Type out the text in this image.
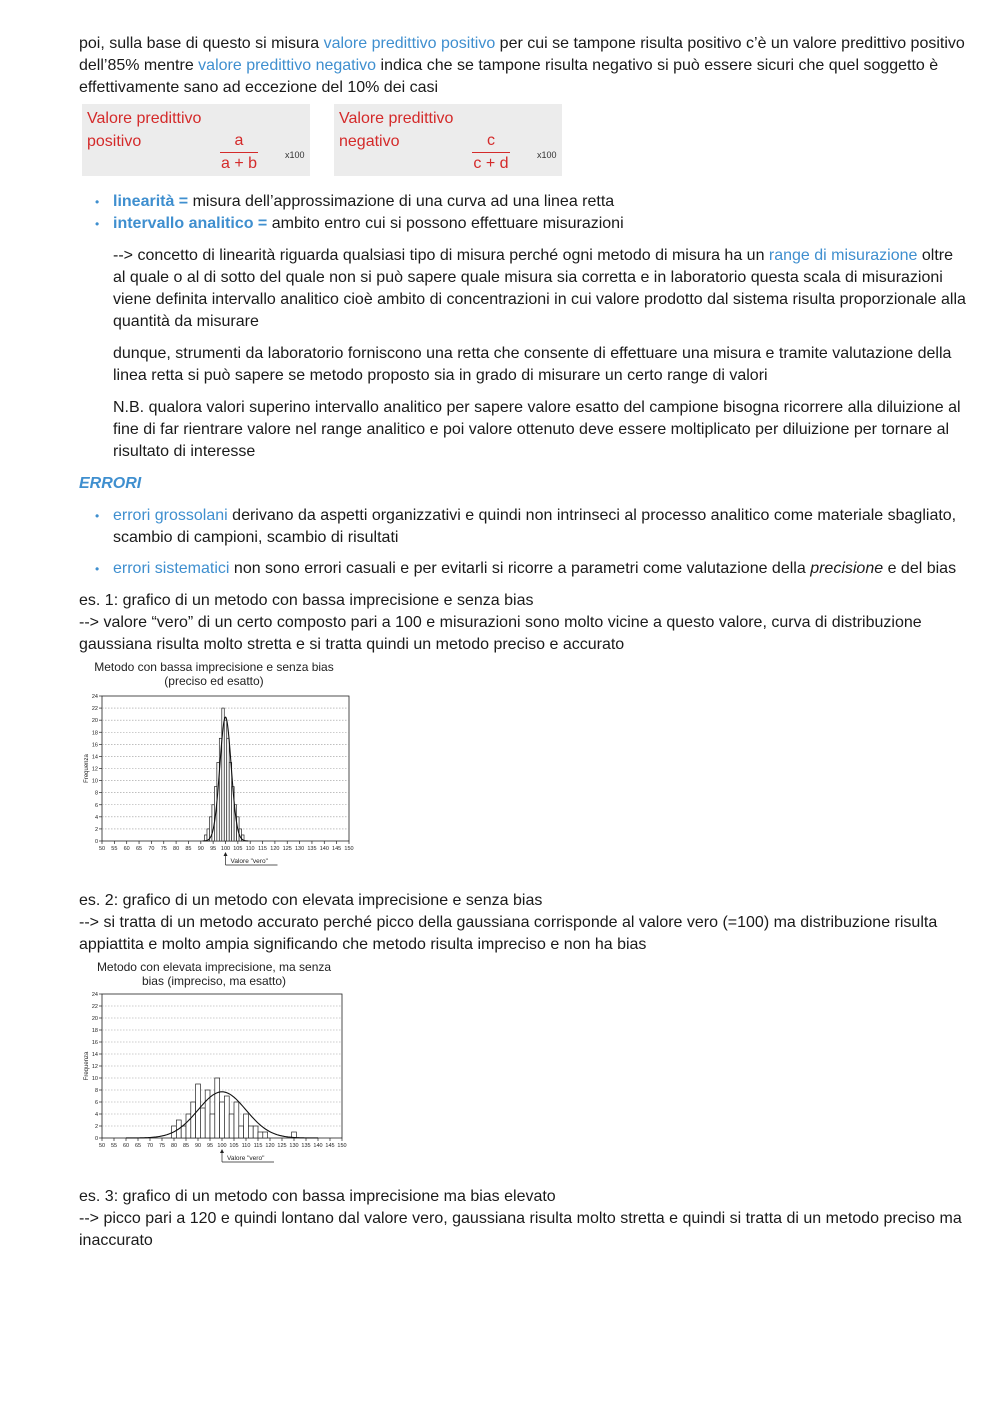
poi, sulla base di questo si misura valore predittivo positivo per cui se tampone risulta positivo c’è un valore predittivo positivo dell’85% mentre valore predittivo negativo indica che se tampone risulta negativo si può essere sicuri che quel soggetto è effettivamente sano ad eccezione del 10% dei casi

Valore predittivo
positivo	$\frac{a}{a + b}$	x100
Valore predittivo
negativo	$\frac{c}{c + d}$	x100
• linearità = misura dell’approssimazione di una curva ad una linea retta
• intervallo analitico = ambito entro cui si possono effettuare misurazioni

--> concetto di linearità riguarda qualsiasi tipo di misura perché ogni metodo di misura ha un range di misurazione oltre al quale o al di sotto del quale non si può sapere quale misura sia corretta e in laboratorio questa scala di misurazioni viene definita intervallo analitico cioè ambito di concentrazioni in cui valore prodotto dal sistema risulta proporzionale alla quantità da misurare

dunque, strumenti da laboratorio forniscono una retta che consente di effettuare una misura e tramite valutazione della linea retta si può sapere se metodo proposto sia in grado di misurare un certo range di valori

N.B. qualora valori superino intervallo analitico per sapere valore esatto del campione bisogna ricorrere alla diluizione al fine di far rientrare valore nel range analitico e poi valore ottenuto deve essere moltiplicato per diluizione per tornare al risultato di interesse

ERRORI

• errori grossolani derivano da aspetti organizzativi e quindi non intrinseci al processo analitico come materiale sbagliato, scambio di campioni, scambio di risultati
• errori sistematici non sono errori casuali e per evitarli si ricorre a parametri come valutazione della precisione e del bias

es. 1: grafico di un metodo con bassa imprecisione e senza bias

--> valore “vero” di un certo composto pari a 100 e misurazioni sono molto vicine a questo valore, curva di distribuzione gaussiana risulta molto stretta e si tratta quindi un metodo preciso e accurato

Metodo con bassa imprecisione e senza bias
(preciso ed esatto)
0
2
4
6
8
10
12
14
16
18
20
22
24
50 55 60 65 70 75 80 85 90 95 100 105 110 115 120 125 130 135 140 145 150
Frequenza
Valore "vero"

es. 2: grafico di un metodo con elevata imprecisione e senza bias

--> si tratta di un metodo accurato perché picco della gaussiana corrisponde al valore vero (=100) ma distribuzione risulta appiattita e molto ampia significando che metodo risulta impreciso e non ha bias

Metodo con elevata imprecisione, ma senza
bias (impreciso, ma esatto)
0
2
4
6
8
10
12
14
16
18
20
22
24
50 55 60 65 70 75 80 85 90 95 100 105 110 115 120 125 130 135 140 145 150
Frequenza
Valore "vero"

es. 3: grafico di un metodo con bassa imprecisione ma bias elevato

--> picco pari a 120 e quindi lontano dal valore vero, gaussiana risulta molto stretta e quindi si tratta di un metodo preciso ma inaccurato
